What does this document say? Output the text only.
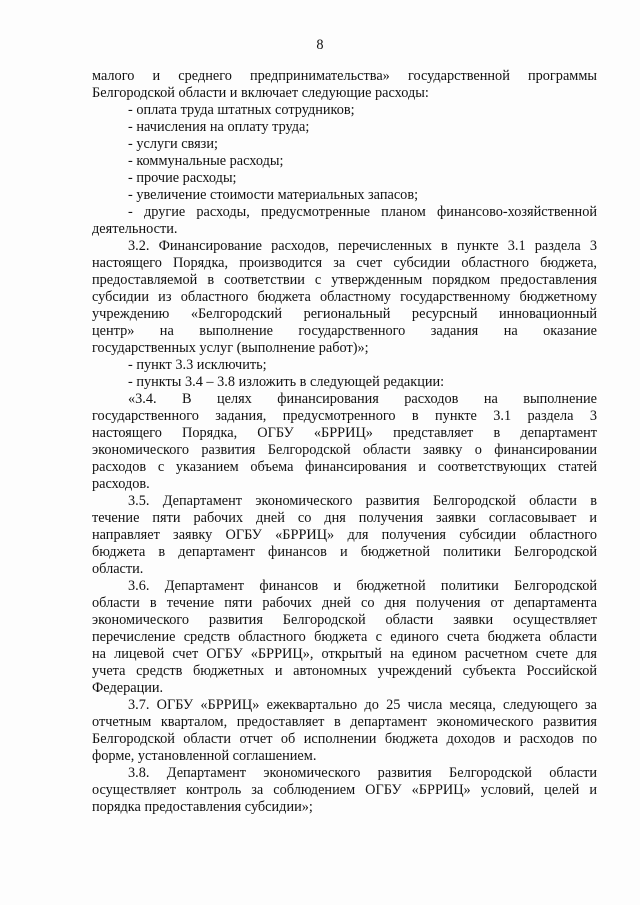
8

малого и среднего предпринимательства» государственной программы

Белгородской области и включает следующие расходы:

- оплата труда штатных сотрудников;

- начисления на оплату труда;

- услуги связи;

- коммунальные расходы;

- прочие расходы;

- увеличение стоимости материальных запасов;

- другие расходы, предусмотренные планом финансово-хозяйственной

деятельности.

3.2. Финансирование расходов, перечисленных в пункте 3.1 раздела 3

настоящего Порядка, производится за счет субсидии областного бюджета,

предоставляемой в соответствии с утвержденным порядком предоставления

субсидии из областного бюджета областному государственному бюджетному

учреждению «Белгородский региональный ресурсный инновационный

центр» на выполнение государственного задания на оказание

государственных услуг (выполнение работ)»;

- пункт 3.3 исключить;

- пункты 3.4 – 3.8 изложить в следующей редакции:

«3.4. В целях финансирования расходов на выполнение

государственного задания, предусмотренного в пункте 3.1 раздела 3

настоящего Порядка, ОГБУ «БРРИЦ» представляет в департамент

экономического развития Белгородской области заявку о финансировании

расходов с указанием объема финансирования и соответствующих статей

расходов.

3.5. Департамент экономического развития Белгородской области в

течение пяти рабочих дней со дня получения заявки согласовывает и

направляет заявку ОГБУ «БРРИЦ» для получения субсидии областного

бюджета в департамент финансов и бюджетной политики Белгородской

области.

3.6. Департамент финансов и бюджетной политики Белгородской

области в течение пяти рабочих дней со дня получения от департамента

экономического развития Белгородской области заявки осуществляет

перечисление средств областного бюджета с единого счета бюджета области

на лицевой счет ОГБУ «БРРИЦ», открытый на едином расчетном счете для

учета средств бюджетных и автономных учреждений субъекта Российской

Федерации.

3.7. ОГБУ «БРРИЦ» ежеквартально до 25 числа месяца, следующего за

отчетным кварталом, предоставляет в департамент экономического развития

Белгородской области отчет об исполнении бюджета доходов и расходов по

форме, установленной соглашением.

3.8. Департамент экономического развития Белгородской области

осуществляет контроль за соблюдением ОГБУ «БРРИЦ» условий, целей и

порядка предоставления субсидии»;
